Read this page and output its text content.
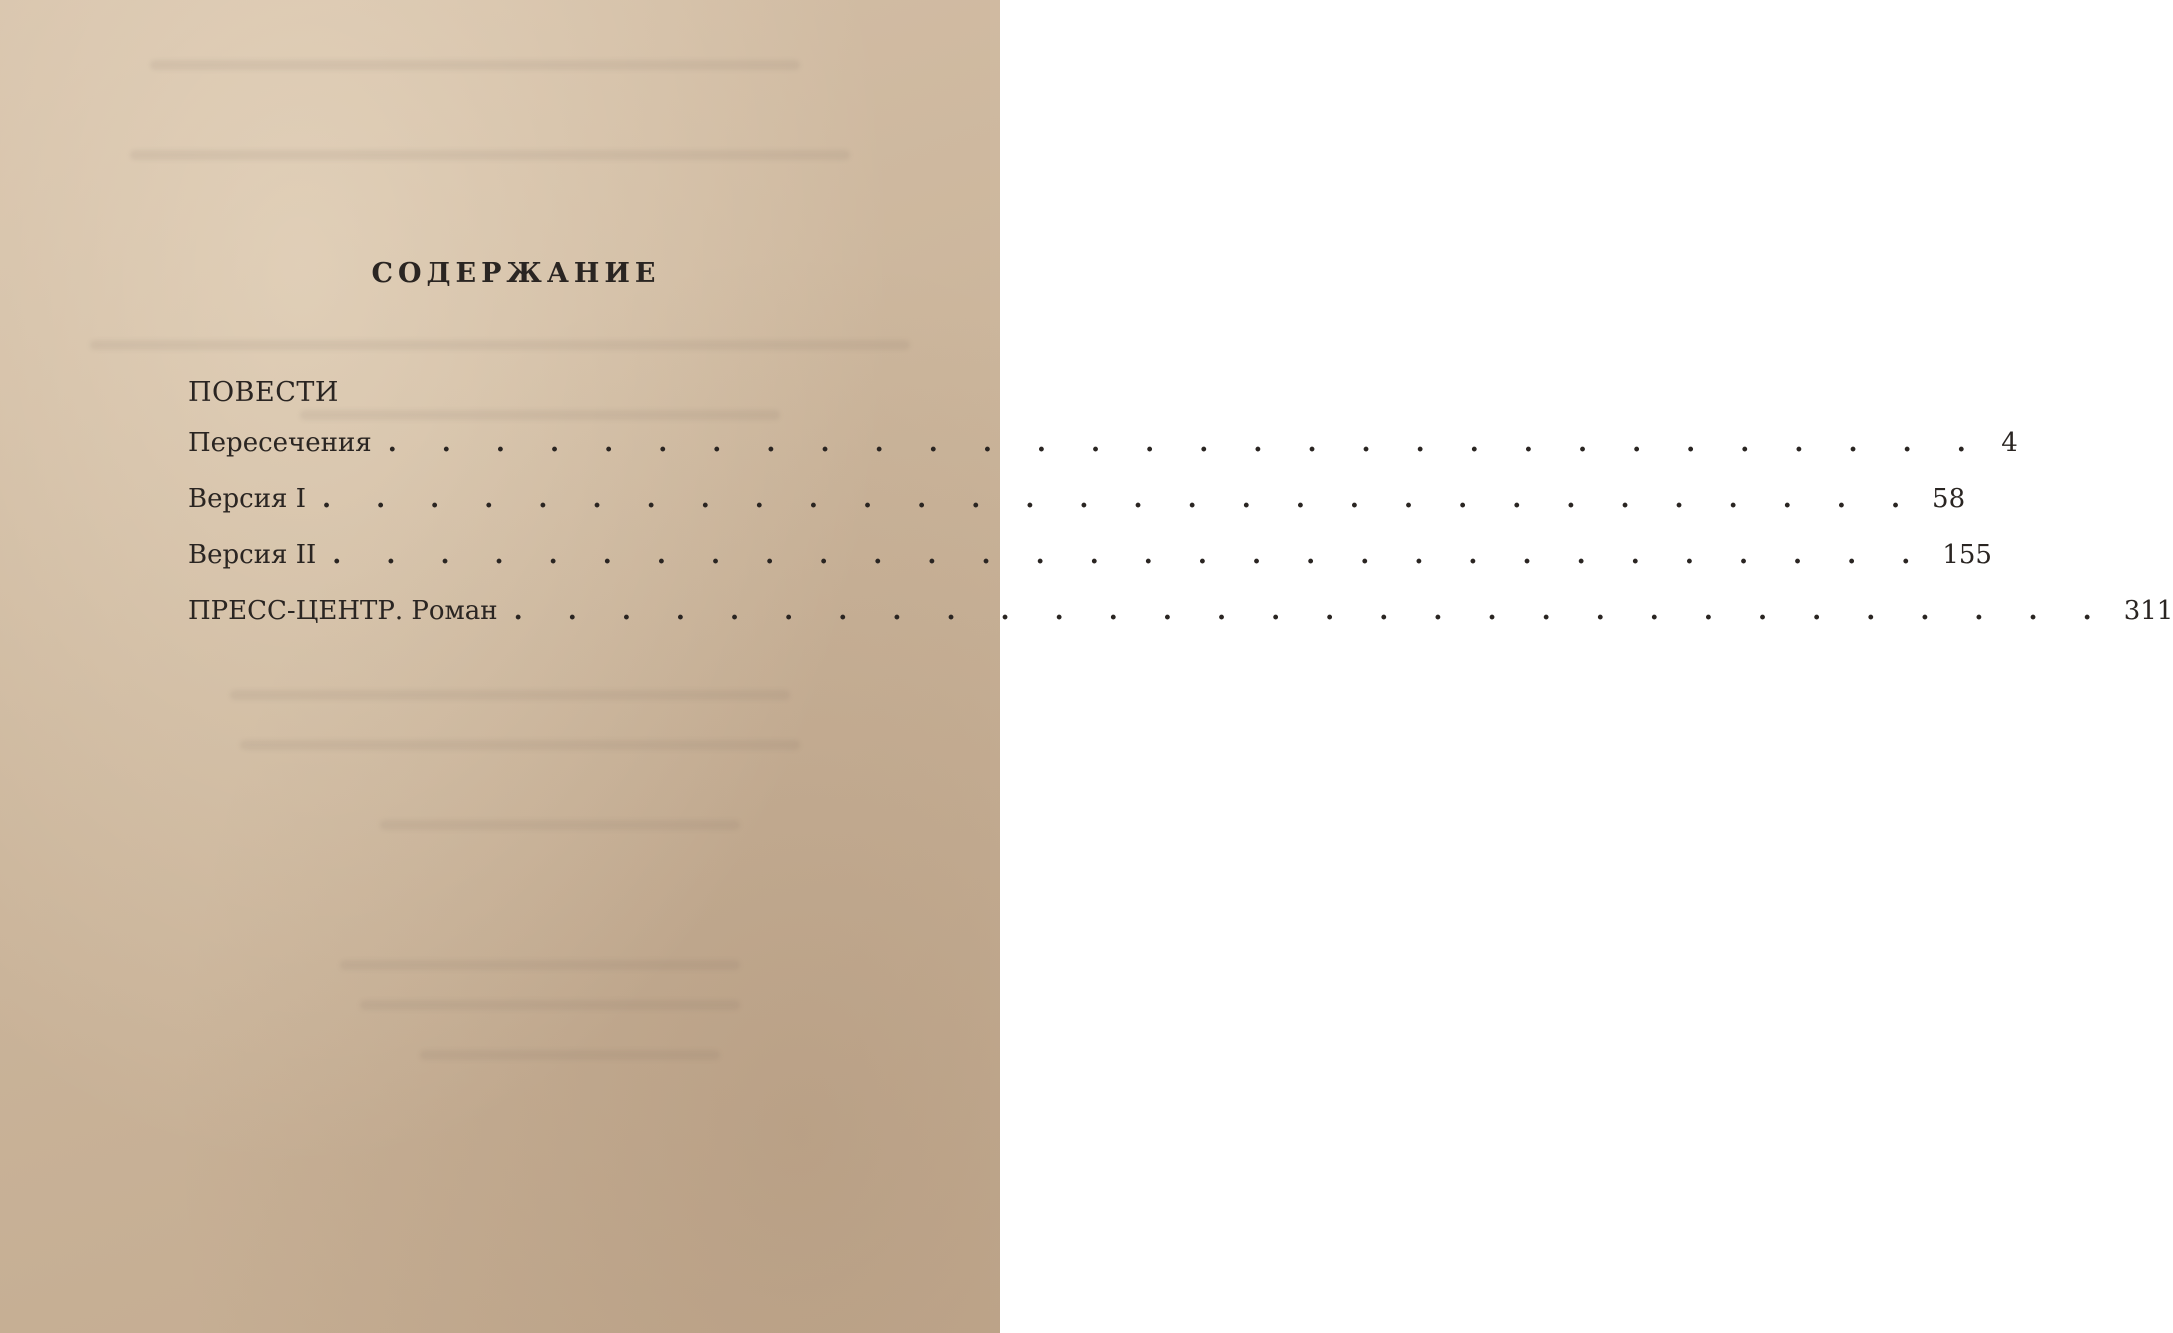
СОДЕРЖАНИЕ
ПОВЕСТИ
Пересечения . . . . . . . . . . . . . . . . . . . . . . . . . . . . . . 4
Версия I . . . . . . . . . . . . . . . . . . . . . . . . . . . . . . 58
Версия II . . . . . . . . . . . . . . . . . . . . . . . . . . . . . . 155
ПРЕСС-ЦЕНТР. Роман . . . . . . . . . . . . . . . . . . . . . . . . . . . . . . 311
